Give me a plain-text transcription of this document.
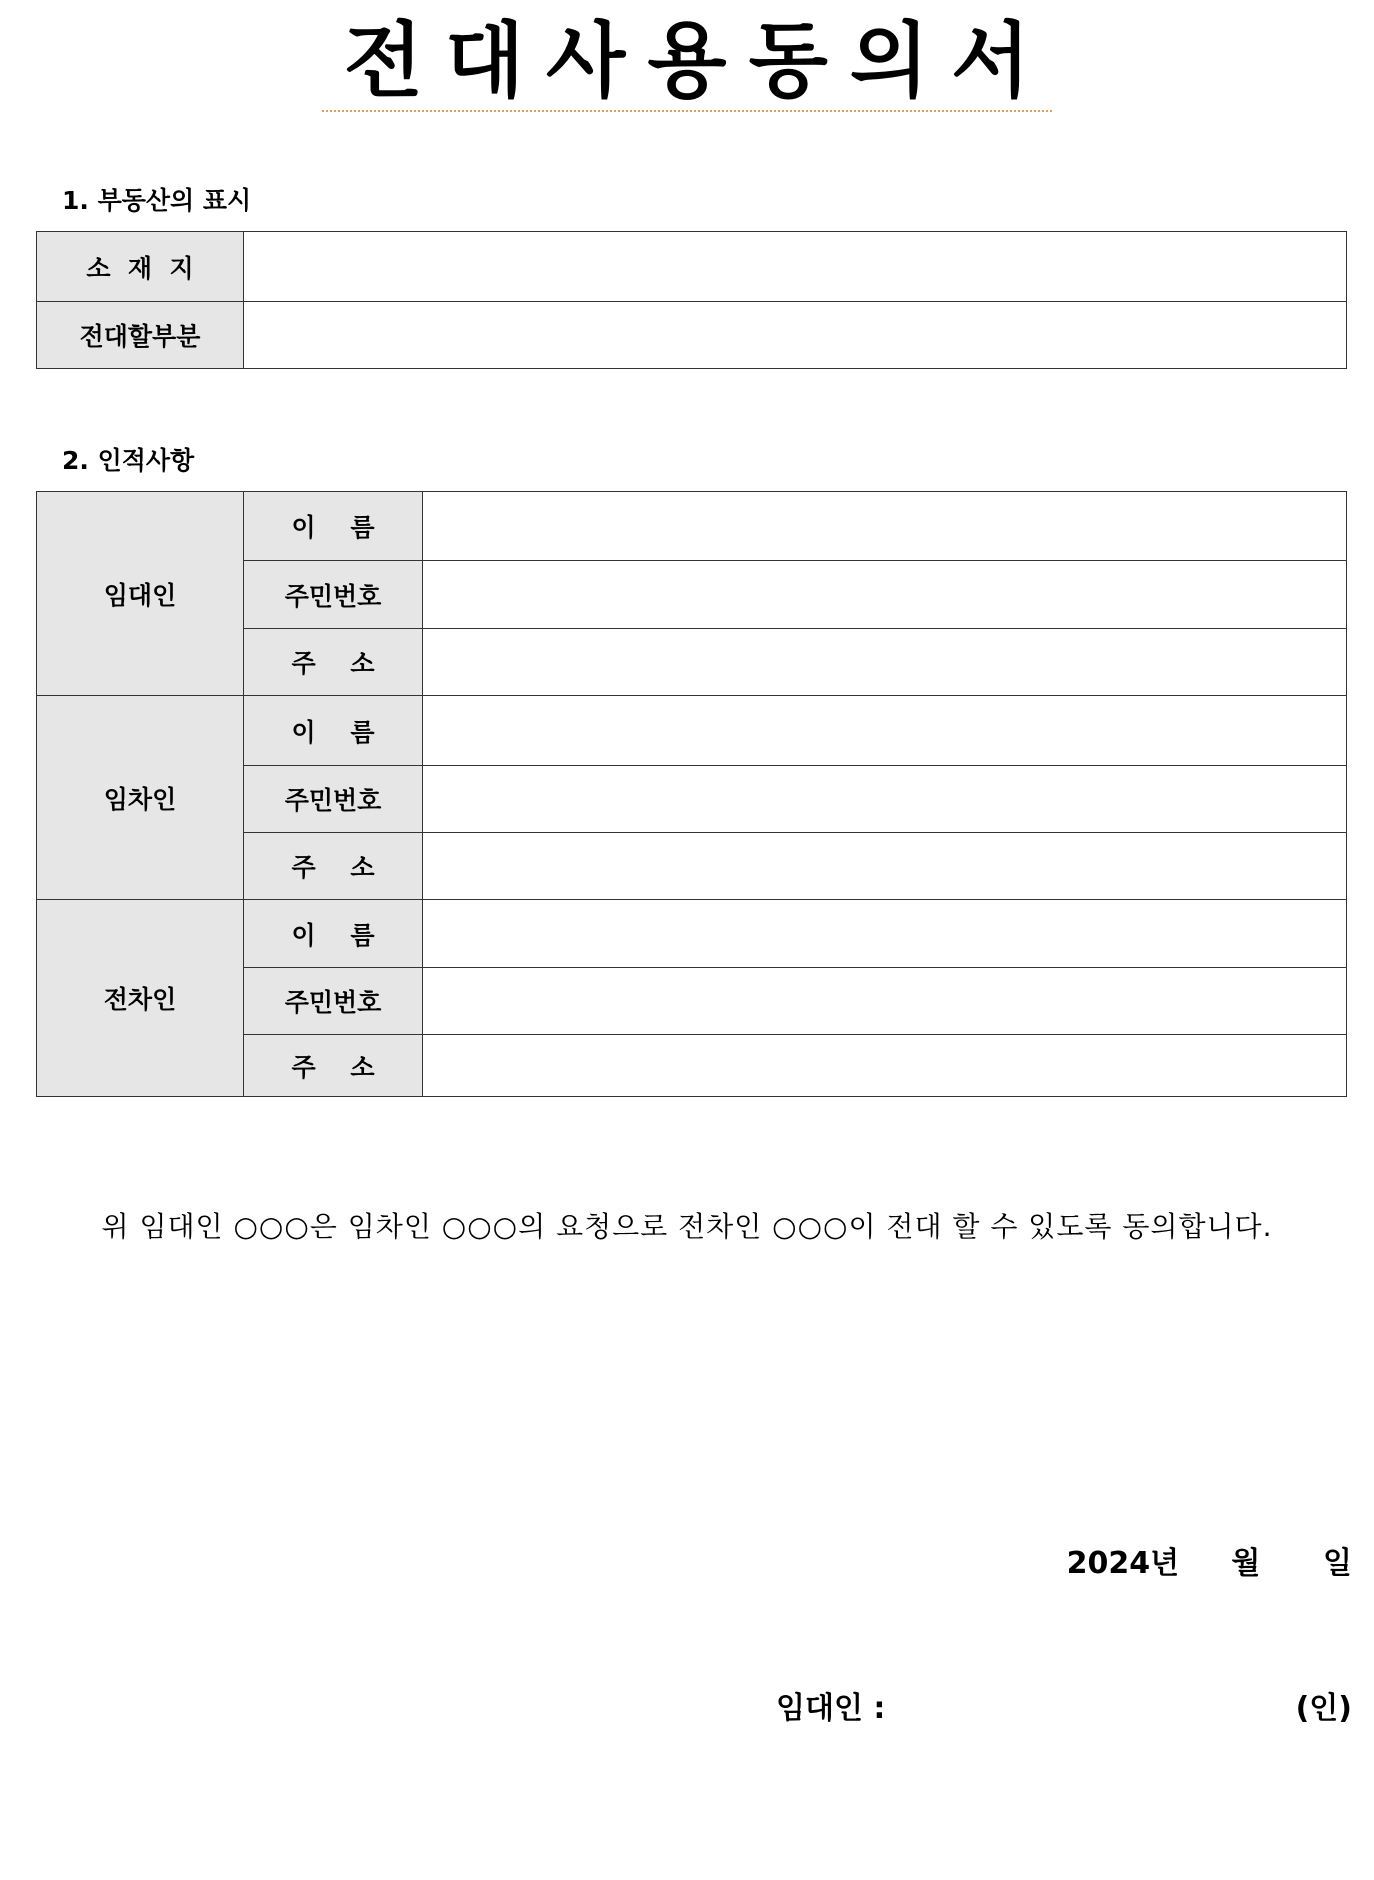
전대사용동의서
1. 부동산의 표시
소  재  지	
전대할부분	
2. 인적사항
임대인	이    름	
	주민번호	
	주    소	
임차인	이    름	
	주민번호	
	주    소	
전차인	이    름	
	주민번호	
	주    소	
위 임대인 ○○○은 임차인 ○○○의 요청으로 전차인 ○○○이 전대 할 수 있도록 동의합니다.
2024년     월      일
임대인 :	(인)
